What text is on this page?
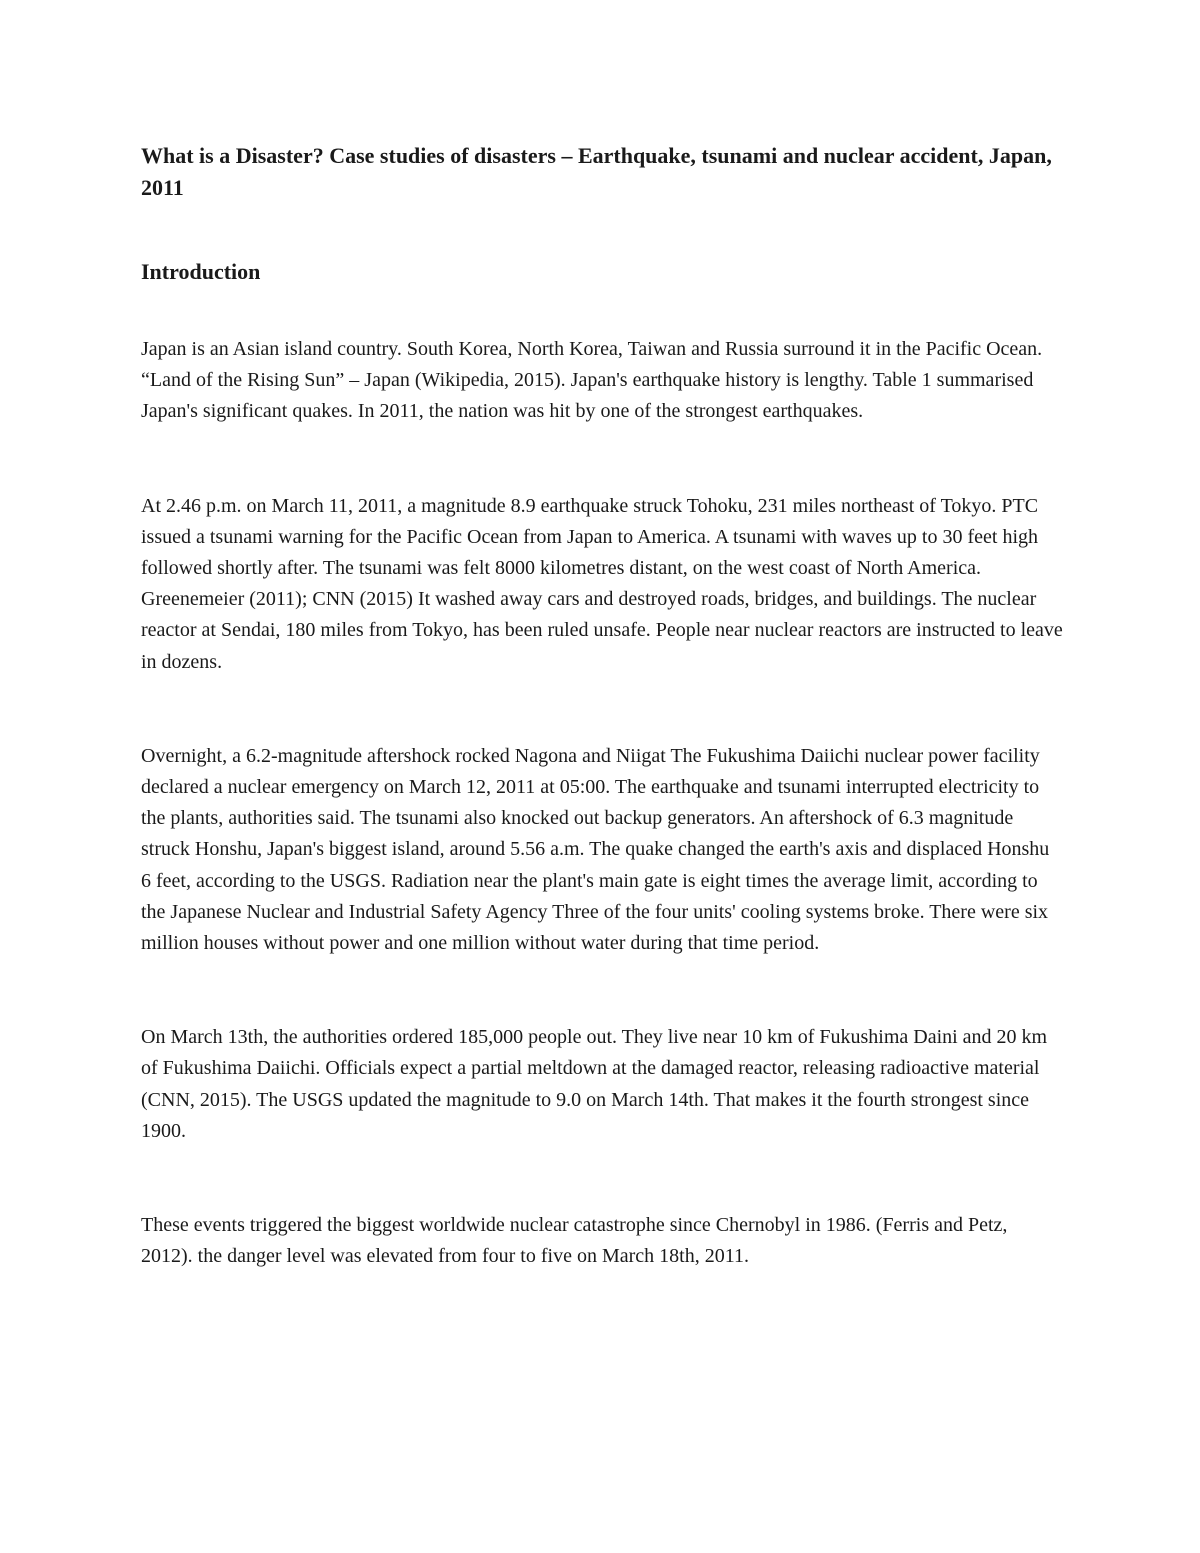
What is a Disaster? Case studies of disasters – Earthquake, tsunami and nuclear accident, Japan, 2011
Introduction

Japan is an Asian island country. South Korea, North Korea, Taiwan and Russia surround it in the Pacific Ocean. “Land of the Rising Sun” – Japan (Wikipedia, 2015). Japan's earthquake history is lengthy. Table 1 summarised Japan's significant quakes. In 2011, the nation was hit by one of the strongest earthquakes.

At 2.46 p.m. on March 11, 2011, a magnitude 8.9 earthquake struck Tohoku, 231 miles northeast of Tokyo. PTC issued a tsunami warning for the Pacific Ocean from Japan to America. A tsunami with waves up to 30 feet high followed shortly after. The tsunami was felt 8000 kilometres distant, on the west coast of North America. Greenemeier (2011); CNN (2015) It washed away cars and destroyed roads, bridges, and buildings. The nuclear reactor at Sendai, 180 miles from Tokyo, has been ruled unsafe. People near nuclear reactors are instructed to leave in dozens.

Overnight, a 6.2-magnitude aftershock rocked Nagona and Niigat The Fukushima Daiichi nuclear power facility declared a nuclear emergency on March 12, 2011 at 05:00. The earthquake and tsunami interrupted electricity to the plants, authorities said. The tsunami also knocked out backup generators. An aftershock of 6.3 magnitude struck Honshu, Japan's biggest island, around 5.56 a.m. The quake changed the earth's axis and displaced Honshu 6 feet, according to the USGS. Radiation near the plant's main gate is eight times the average limit, according to the Japanese Nuclear and Industrial Safety Agency Three of the four units' cooling systems broke. There were six million houses without power and one million without water during that time period.

On March 13th, the authorities ordered 185,000 people out. They live near 10 km of Fukushima Daini and 20 km of Fukushima Daiichi. Officials expect a partial meltdown at the damaged reactor, releasing radioactive material (CNN, 2015). The USGS updated the magnitude to 9.0 on March 14th. That makes it the fourth strongest since 1900.

These events triggered the biggest worldwide nuclear catastrophe since Chernobyl in 1986. (Ferris and Petz, 2012). the danger level was elevated from four to five on March 18th, 2011.
